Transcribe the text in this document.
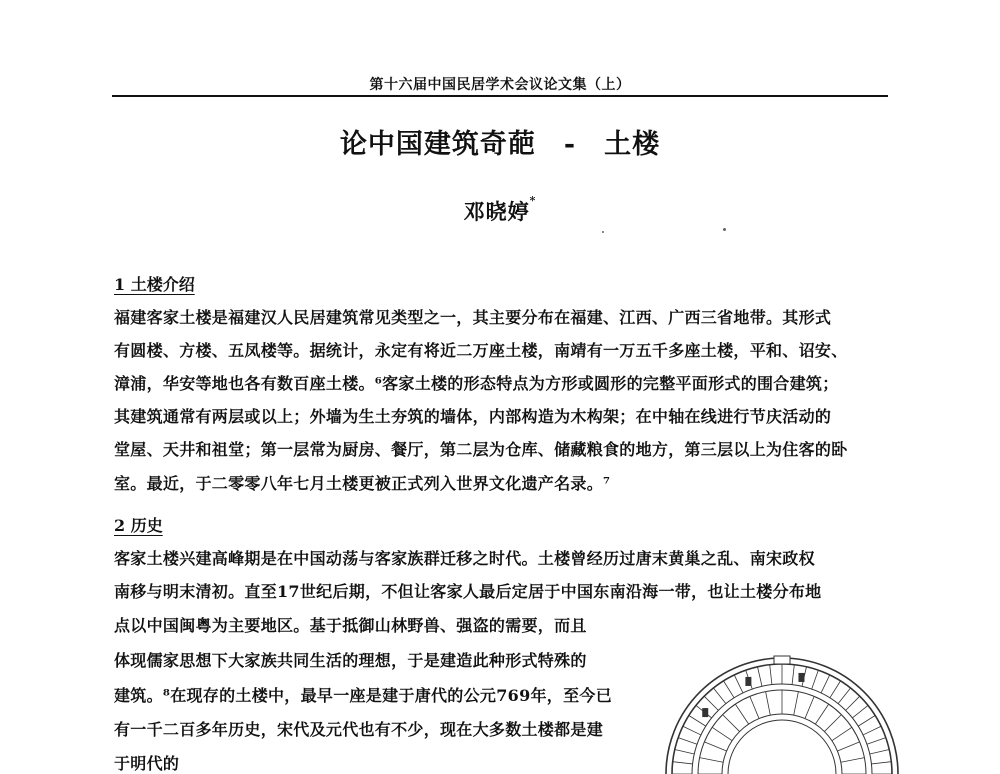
第十六届中国民居学术会议论文集（上）
论中国建筑奇葩　-　土楼
邓晓婷*
1 土楼介绍
福建客家土楼是福建汉人民居建筑常见类型之一，其主要分布在福建、江西、广西三省地带。其形式
有圆楼、方楼、五凤楼等。据统计，永定有将近二万座土楼，南靖有一万五千多座土楼，平和、诏安、
漳浦，华安等地也各有数百座土楼。⁶客家土楼的形态特点为方形或圆形的完整平面形式的围合建筑；
其建筑通常有两层或以上；外墙为生土夯筑的墙体，内部构造为木构架；在中轴在线进行节庆活动的
堂屋、天井和祖堂；第一层常为厨房、餐厅，第二层为仓库、储藏粮食的地方，第三层以上为住客的卧
室。最近，于二零零八年七月土楼更被正式列入世界文化遗产名录。⁷
2 历史
客家土楼兴建高峰期是在中国动荡与客家族群迁移之时代。土楼曾经历过唐末黄巢之乱、南宋政权
南移与明末清初。直至17世纪后期，不但让客家人最后定居于中国东南沿海一带，也让土楼分布地
点以中国闽粤为主要地区。基于抵御山林野兽、强盗的需要，而且
体现儒家思想下大家族共同生活的理想，于是建造此种形式特殊的
建筑。⁸在现存的土楼中，最早一座是建于唐代的公元769年，至今已
有一千二百多年历史，宋代及元代也有不少，现在大多数土楼都是建
于明代的
